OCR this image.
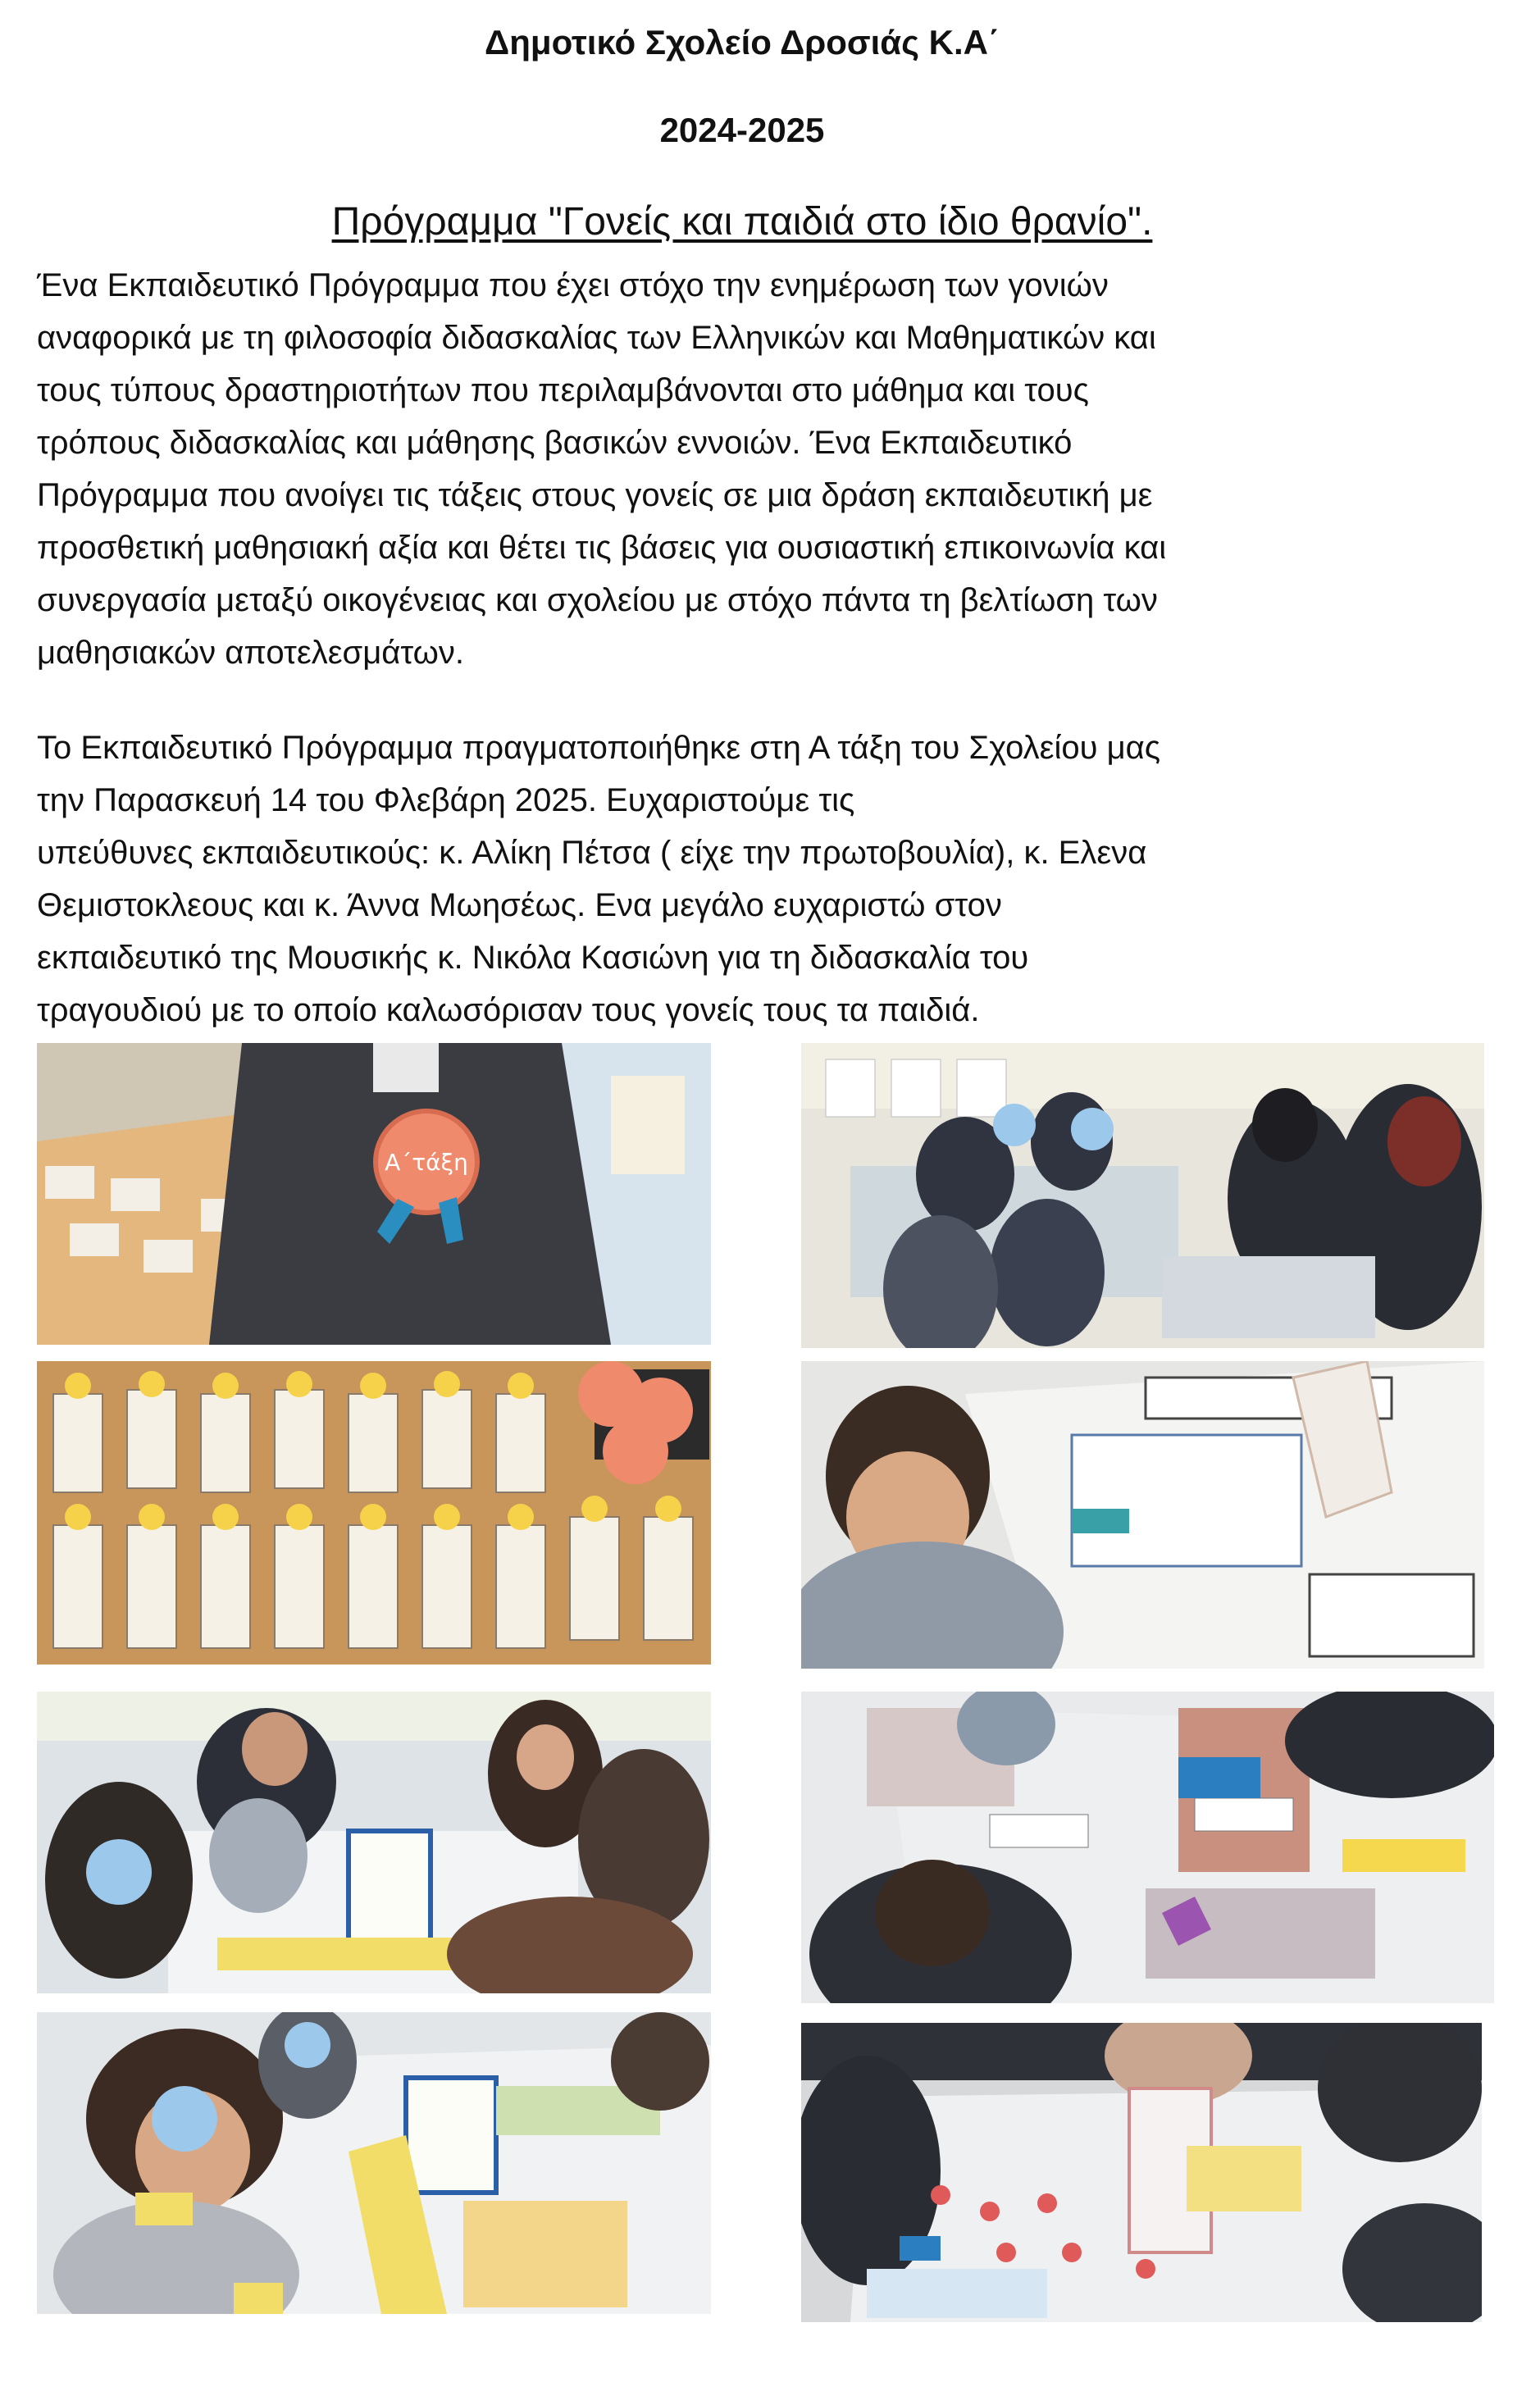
Δημοτικό Σχολείο Δροσιάς Κ.Α΄
2024-2025
Πρόγραμμα "Γονείς και παιδιά στο ίδιο θρανίο".
Ένα Εκπαιδευτικό Πρόγραμμα που έχει στόχο την ενημέρωση των γονιών
αναφορικά με τη φιλοσοφία διδασκαλίας των Ελληνικών και Μαθηματικών και
τους τύπους δραστηριοτήτων που περιλαμβάνονται στο μάθημα και τους
τρόπους διδασκαλίας και μάθησης βασικών εννοιών. Ένα Εκπαιδευτικό
Πρόγραμμα που ανοίγει τις τάξεις στους γονείς σε μια δράση εκπαιδευτική με
προσθετική μαθησιακή αξία και θέτει τις βάσεις για ουσιαστική επικοινωνία και
συνεργασία μεταξύ οικογένειας και σχολείου με στόχο πάντα τη βελτίωση των
μαθησιακών αποτελεσμάτων.
Το Εκπαιδευτικό Πρόγραμμα πραγματοποιήθηκε στη Α τάξη του Σχολείου μας
την Παρασκευή 14 του Φλεβάρη 2025. Ευχαριστούμε τις
υπεύθυνες εκπαιδευτικούς: κ. Αλίκη Πέτσα ( είχε την πρωτοβουλία), κ. Ελενα
Θεμιστοκλεους και κ. Άννα Μωησέως. Ενα μεγάλο ευχαριστώ στον
εκπαιδευτικό της Μουσικής κ. Νικόλα Κασιώνη για τη διδασκαλία του
τραγουδιού με το οποίο καλωσόρισαν τους γονείς τους τα παιδιά.
Α΄τάξη
